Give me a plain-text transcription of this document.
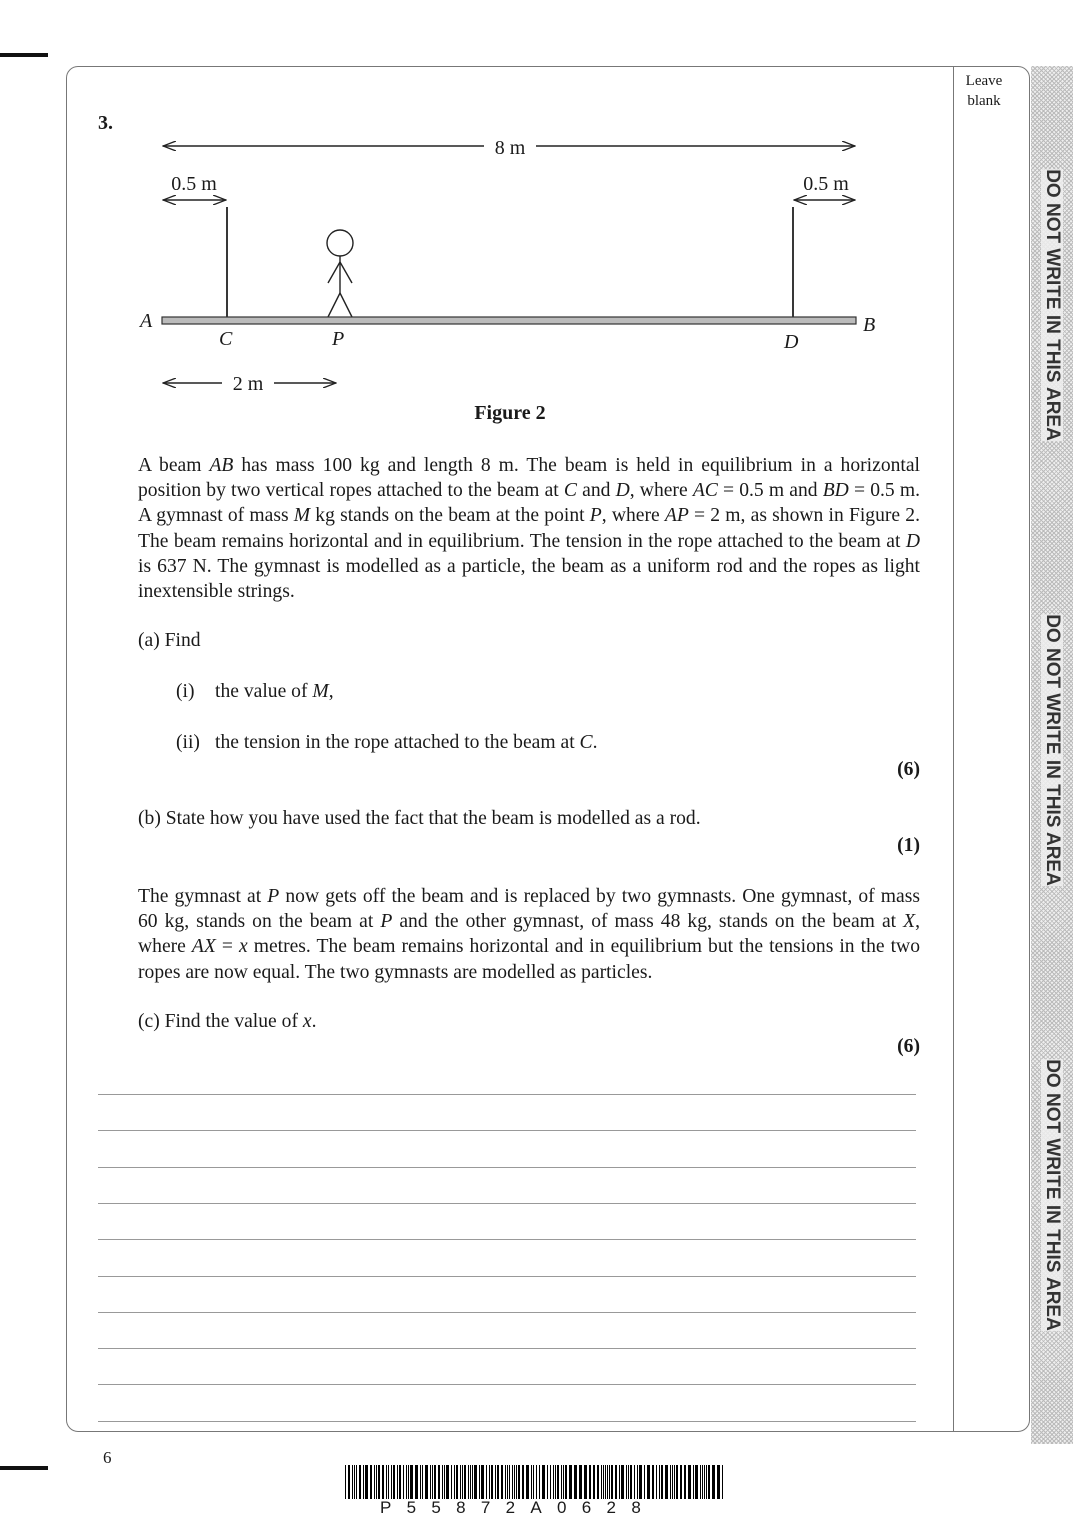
Leave blank
DO NOT WRITE IN THIS AREA
DO NOT WRITE IN THIS AREA
DO NOT WRITE IN THIS AREA
3.
8 m
0.5 m	0.5 m
2 m
A	B
C	P	D
Figure 2
A beam AB has mass 100 kg and length 8 m. The beam is held in equilibrium in a horizontal position by two vertical ropes attached to the beam at C and D, where AC = 0.5 m and BD = 0.5 m. A gymnast of mass M kg stands on the beam at the point P, where AP = 2 m, as shown in Figure 2. The beam remains horizontal and in equilibrium. The tension in the rope attached to the beam at D is 637 N. The gymnast is modelled as a particle, the beam as a uniform rod and the ropes as light inextensible strings.
(a) Find
(i) the value of M,
(ii) the tension in the rope attached to the beam at C.
(6)
(b) State how you have used the fact that the beam is modelled as a rod.
(1)
The gymnast at P now gets off the beam and is replaced by two gymnasts. One gymnast, of mass 60 kg, stands on the beam at P and the other gymnast, of mass 48 kg, stands on the beam at X, where AX = x metres. The beam remains horizontal and in equilibrium but the tensions in the two ropes are now equal. The two gymnasts are modelled as particles.
(c) Find the value of x.
(6)
6
P55872A0628
